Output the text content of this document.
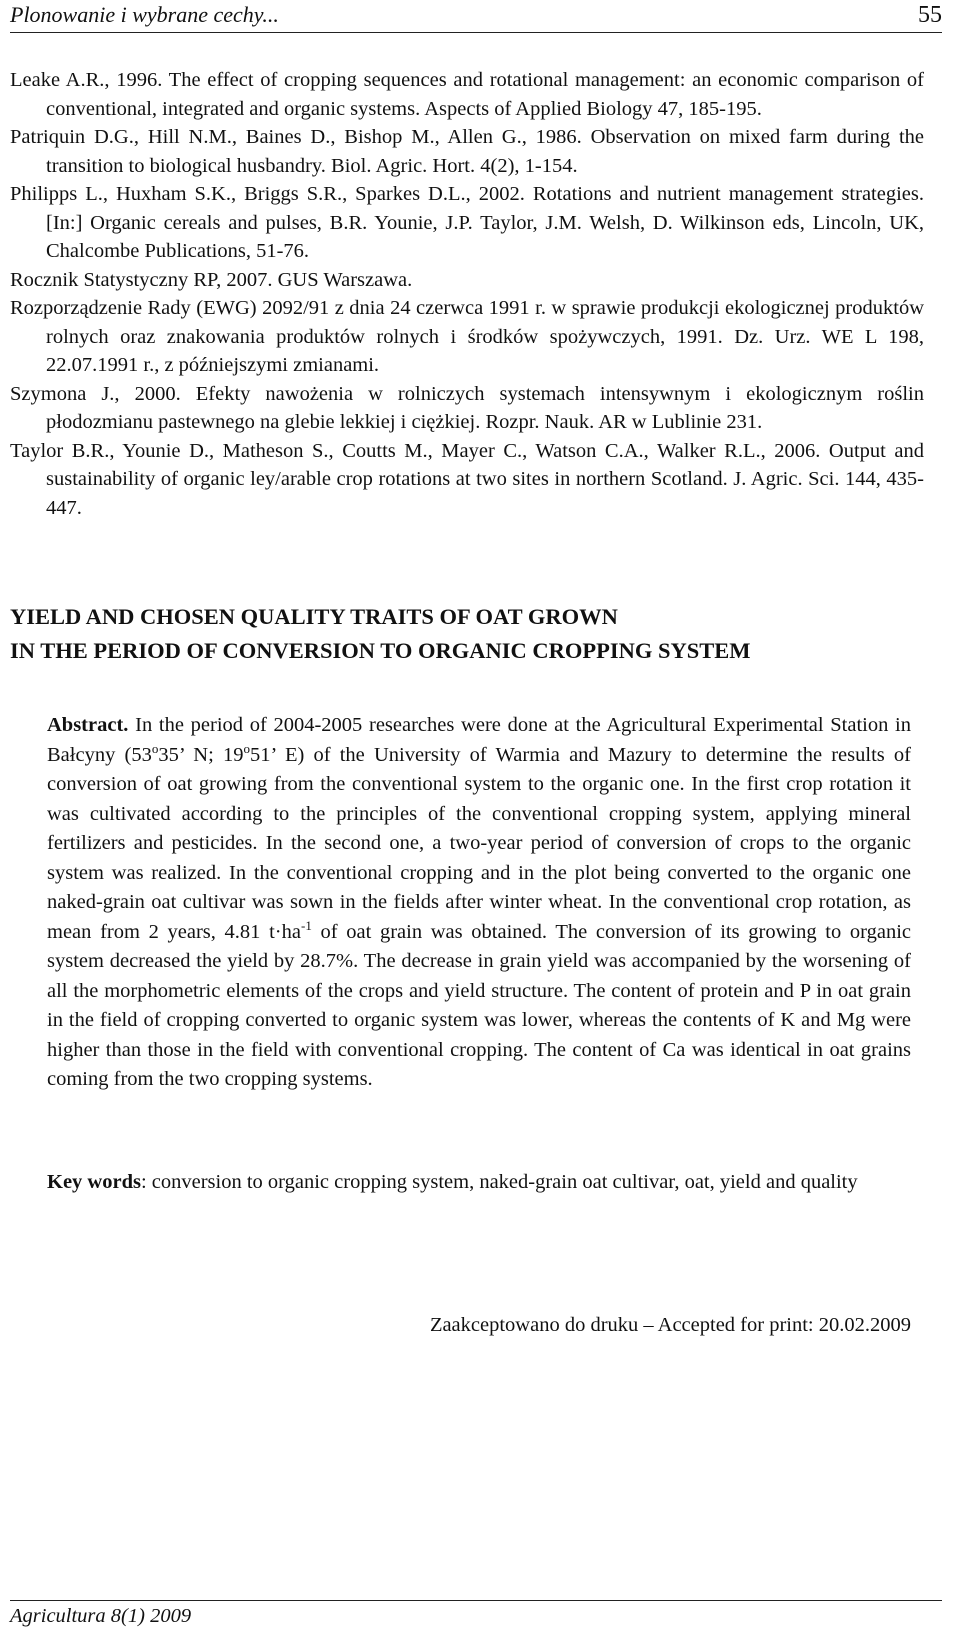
Plonowanie i wybrane cechy...	55

Leake A.R., 1996. The effect of cropping sequences and rotational management: an economic comparison of conventional, integrated and organic systems. Aspects of Applied Biology 47, 185-195.

Patriquin D.G., Hill N.M., Baines D., Bishop M., Allen G., 1986. Observation on mixed farm during the transition to biological husbandry. Biol. Agric. Hort. 4(2), 1-154.

Philipps L., Huxham S.K., Briggs S.R., Sparkes D.L., 2002. Rotations and nutrient management strategies. [In:] Organic cereals and pulses, B.R. Younie, J.P. Taylor, J.M. Welsh, D. Wilkinson eds, Lincoln, UK, Chalcombe Publications, 51-76.

Rocznik Statystyczny RP, 2007. GUS Warszawa.

Rozporządzenie Rady (EWG) 2092/91 z dnia 24 czerwca 1991 r. w sprawie produkcji ekologicznej produktów rolnych oraz znakowania produktów rolnych i środków spożywczych, 1991. Dz. Urz. WE L 198, 22.07.1991 r., z późniejszymi zmianami.

Szymona J., 2000. Efekty nawożenia w rolniczych systemach intensywnym i ekologicznym roślin płodozmianu pastewnego na glebie lekkiej i ciężkiej. Rozpr. Nauk. AR w Lublinie 231.

Taylor B.R., Younie D., Matheson S., Coutts M., Mayer C., Watson C.A., Walker R.L., 2006. Output and sustainability of organic ley/arable crop rotations at two sites in northern Scotland. J. Agric. Sci. 144, 435-447.

YIELD AND CHOSEN QUALITY TRAITS OF OAT GROWN
IN THE PERIOD OF CONVERSION TO ORGANIC CROPPING SYSTEM

Abstract. In the period of 2004-2005 researches were done at the Agricultural Experimental Station in Bałcyny (53$^o$35’ N; 19$^o$51’ E) of the University of Warmia and Mazury to determine the results of conversion of oat growing from the conventional system to the organic one. In the first crop rotation it was cultivated according to the principles of the conventional cropping system, applying mineral fertilizers and pesticides. In the second one, a two-year period of conversion of crops to the organic system was realized. In the conventional cropping and in the plot being converted to the organic one naked-grain oat cultivar was sown in the fields after winter wheat. In the conventional crop rotation, as mean from 2 years, 4.81 $t\cdot ha^{-1}$ of oat grain was obtained. The conversion of its growing to organic system decreased the yield by 28.7%. The decrease in grain yield was accompanied by the worsening of all the morphometric elements of the crops and yield structure. The content of protein and P in oat grain in the field of cropping converted to organic system was lower, whereas the contents of K and Mg were higher than those in the field with conventional cropping. The content of Ca was identical in oat grains coming from the two cropping systems.

Key words: conversion to organic cropping system, naked-grain oat cultivar, oat, yield and quality

Zaakceptowano do druku – Accepted for print: 20.02.2009
Agricultura 8(1) 2009
